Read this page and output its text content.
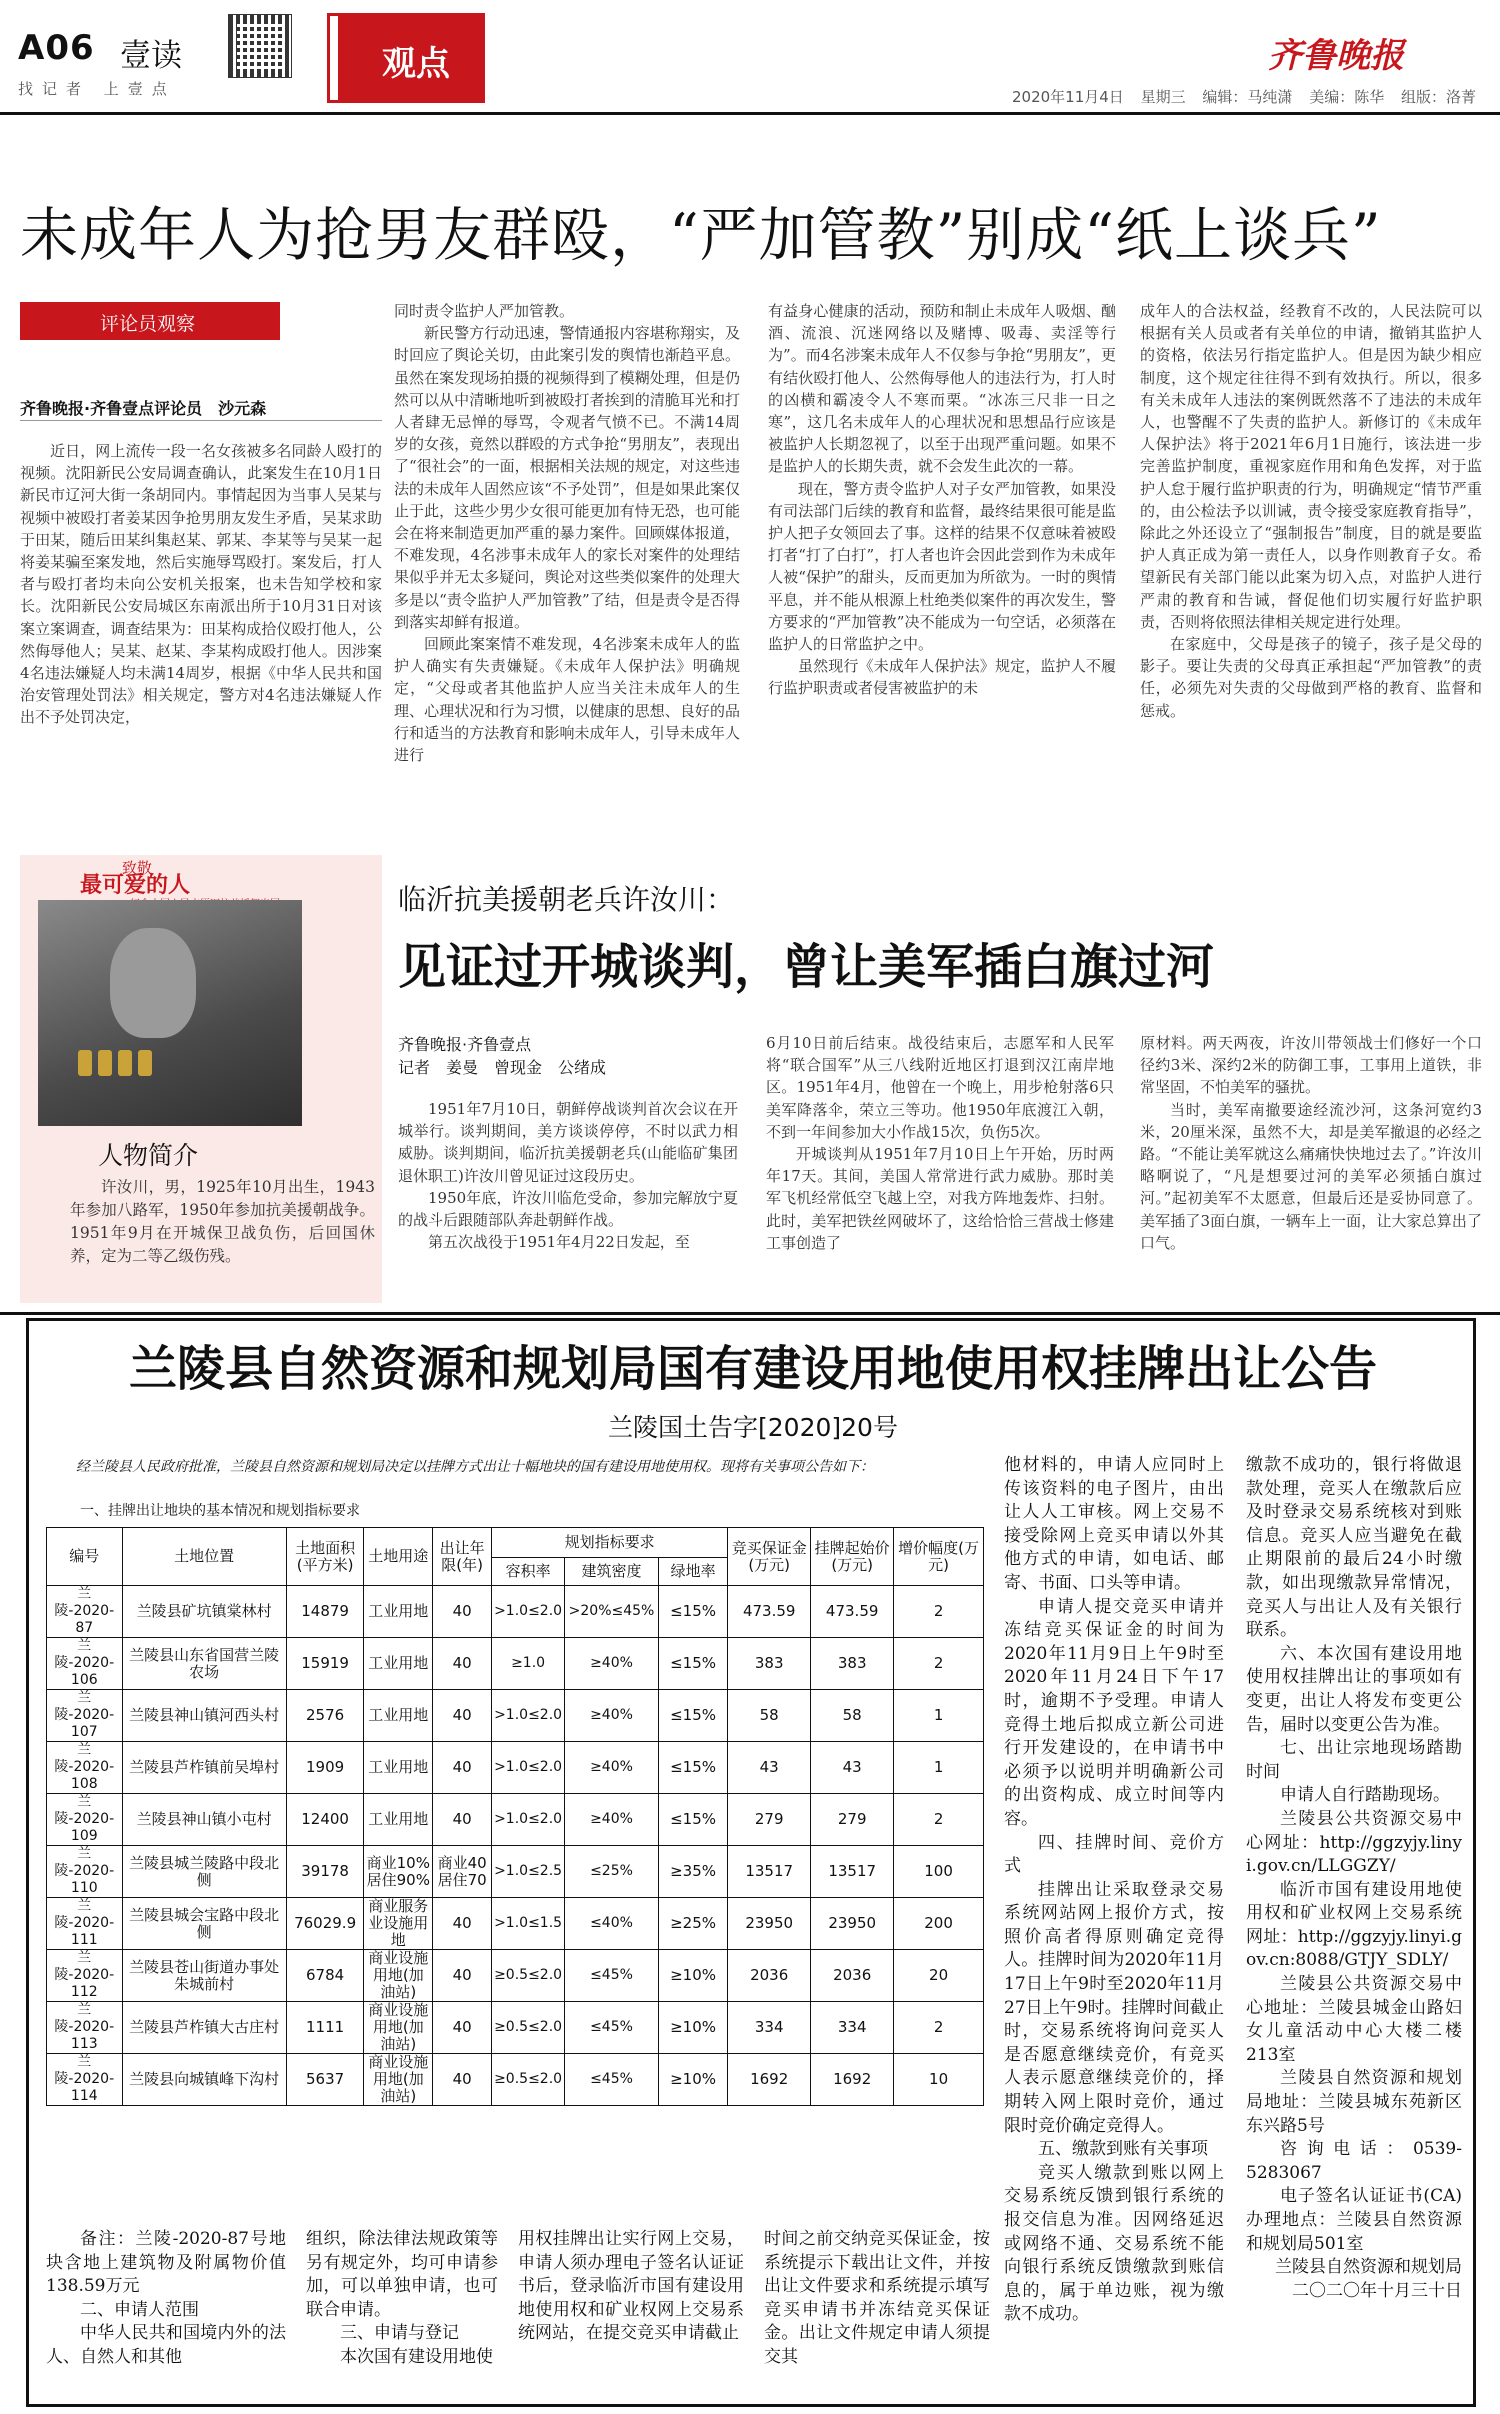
A06 壹读
找记者 上壹点
观点	齐鲁晚报
2020年11月4日 星期三 编辑：马纯潇 美编：陈华 组版：洛菁
未成年人为抢男友群殴，“严加管教”别成“纸上谈兵”
评论员观察
齐鲁晚报·齐鲁壹点评论员　沙元森

近日，网上流传一段一名女孩被多名同龄人殴打的视频。沈阳新民公安局调查确认，此案发生在10月1日新民市辽河大街一条胡同内。事情起因为当事人吴某与视频中被殴打者姜某因争抢男朋友发生矛盾，吴某求助于田某，随后田某纠集赵某、郭某、李某等与吴某一起将姜某骗至案发地，然后实施辱骂殴打。案发后，打人者与殴打者均未向公安机关报案，也未告知学校和家长。沈阳新民公安局城区东南派出所于10月31日对该案立案调查，调查结果为：田某构成拾仪殴打他人，公然侮辱他人；吴某、赵某、李某构成殴打他人。因涉案4名违法嫌疑人均未满14周岁，根据《中华人民共和国治安管理处罚法》相关规定，警方对4名违法嫌疑人作出不予处罚决定，

同时责令监护人严加管教。

新民警方行动迅速，警情通报内容堪称翔实，及时回应了舆论关切，由此案引发的舆情也渐趋平息。虽然在案发现场拍摄的视频得到了模糊处理，但是仍然可以从中清晰地听到被殴打者挨到的清脆耳光和打人者肆无忌惮的辱骂，令观者气愤不已。不满14周岁的女孩，竟然以群殴的方式争抢“男朋友”，表现出了“很社会”的一面，根据相关法规的规定，对这些违法的未成年人固然应该“不予处罚”，但是如果此案仅止于此，这些少男少女很可能更加有恃无恐，也可能会在将来制造更加严重的暴力案件。回顾媒体报道，不难发现，4名涉事未成年人的家长对案件的处理结果似乎并无太多疑问，舆论对这些类似案件的处理大多是以“责令监护人严加管教”了结，但是责令是否得到落实却鲜有报道。

回顾此案案情不难发现，4名涉案未成年人的监护人确实有失责嫌疑。《未成年人保护法》明确规定，“父母或者其他监护人应当关注未成年人的生理、心理状况和行为习惯，以健康的思想、良好的品行和适当的方法教育和影响未成年人，引导未成年人进行

有益身心健康的活动，预防和制止未成年人吸烟、酗酒、流浪、沉迷网络以及赌博、吸毒、卖淫等行为”。而4名涉案未成年人不仅参与争抢“男朋友”，更有结伙殴打他人、公然侮辱他人的违法行为，打人时的凶横和霸凌令人不寒而栗。“冰冻三尺非一日之寒”，这几名未成年人的心理状况和思想品行应该是被监护人长期忽视了，以至于出现严重问题。如果不是监护人的长期失责，就不会发生此次的一幕。

现在，警方责令监护人对子女严加管教，如果没有司法部门后续的教育和监督，最终结果很可能是监护人把子女领回去了事。这样的结果不仅意味着被殴打者“打了白打”，打人者也许会因此尝到作为未成年人被“保护”的甜头，反而更加为所欲为。一时的舆情平息，并不能从根源上杜绝类似案件的再次发生，警方要求的“严加管教”决不能成为一句空话，必须落在监护人的日常监护之中。

虽然现行《未成年人保护法》规定，监护人不履行监护职责或者侵害被监护的未

成年人的合法权益，经教育不改的，人民法院可以根据有关人员或者有关单位的申请，撤销其监护人的资格，依法另行指定监护人。但是因为缺少相应制度，这个规定往往得不到有效执行。所以，很多有关未成年人违法的案例既然落不了违法的未成年人，也警醒不了失责的监护人。新修订的《未成年人保护法》将于2021年6月1日施行，该法进一步完善监护制度，重视家庭作用和角色发挥，对于监护人怠于履行监护职责的行为，明确规定“情节严重的，由公检法予以训诫，责令接受家庭教育指导”，除此之外还设立了“强制报告”制度，目的就是要监护人真正成为第一责任人，以身作则教育子女。希望新民有关部门能以此案为切入点，对监护人进行严肃的教育和告诫，督促他们切实履行好监护职责，否则将依照法律相关规定进行处理。

在家庭中，父母是孩子的镜子，孩子是父母的影子。要让失责的父母真正承担起“严加管教”的责任，必须先对失责的父母做到严格的教育、监督和惩戒。

致敬
最可爱的人
人物简介
许汝川，男，1925年10月出生，1943年参加八路军，1950年参加抗美援朝战争。1951年9月在开城保卫战负伤，后回国休养，定为二等乙级伤残。
临沂抗美援朝老兵许汝川：
见证过开城谈判，曾让美军插白旗过河
齐鲁晚报·齐鲁壹点
记者　姜曼　曾现金　公绪成

1951年7月10日，朝鲜停战谈判首次会议在开城举行。谈判期间，美方谈谈停停，不时以武力相威胁。谈判期间，临沂抗美援朝老兵(山能临矿集团退休职工)许汝川曾见证过这段历史。

1950年底，许汝川临危受命，参加完解放宁夏的战斗后跟随部队奔赴朝鲜作战。

第五次战役于1951年4月22日发起，至

6月10日前后结束。战役结束后，志愿军和人民军将“联合国军”从三八线附近地区打退到汉江南岸地区。1951年4月，他曾在一个晚上，用步枪射落6只美军降落伞，荣立三等功。他1950年底渡江入朝，不到一年间参加大小作战15次，负伤5次。

开城谈判从1951年7月10日上午开始，历时两年17天。其间，美国人常常进行武力威胁。那时美军飞机经常低空飞越上空，对我方阵地轰炸、扫射。此时，美军把铁丝网破坏了，这给恰恰三营战士修建工事创造了

原材料。两天两夜，许汝川带领战士们修好一个口径约3米、深约2米的防御工事，工事用上道铁，非常坚固，不怕美军的骚扰。

当时，美军南撤要途经流沙河，这条河宽约3米，20厘米深，虽然不大，却是美军撤退的必经之路。“不能让美军就这么痛痛快快地过去了。”许汝川略啊说了，“凡是想要过河的美军必须插白旗过河。”起初美军不太愿意，但最后还是妥协同意了。美军插了3面白旗，一辆车上一面，让大家总算出了口气。

兰陵县自然资源和规划局国有建设用地使用权挂牌出让公告
兰陵国土告字[2020]20号
经兰陵县人民政府批准，兰陵县自然资源和规划局决定以挂牌方式出让十幅地块的国有建设用地使用权。现将有关事项公告如下：
一、挂牌出让地块的基本情况和规划指标要求
编号	土地位置	土地面积(平方米)	土地用途	出让年限(年)	规划指标要求			竞买保证金(万元)	挂牌起始价(万元)	增价幅度(万元)
					容积率	建筑密度	绿地率			
兰陵-2020-87	兰陵县矿坑镇棠林村	14879	工业用地	40	>1.0≤2.0	>20%≤45%	≤15%	473.59	473.59	2
兰陵-2020-106	兰陵县山东省国营兰陵农场	15919	工业用地	40	≥1.0	≥40%	≤15%	383	383	2
兰陵-2020-107	兰陵县神山镇河西头村	2576	工业用地	40	>1.0≤2.0	≥40%	≤15%	58	58	1
兰陵-2020-108	兰陵县芦柞镇前吴埠村	1909	工业用地	40	>1.0≤2.0	≥40%	≤15%	43	43	1
兰陵-2020-109	兰陵县神山镇小屯村	12400	工业用地	40	>1.0≤2.0	≥40%	≤15%	279	279	2
兰陵-2020-110	兰陵县城兰陵路中段北侧	39178	商业10%居住90%	商业40居住70	>1.0≤2.5	≤25%	≥35%	13517	13517	100
兰陵-2020-111	兰陵县城会宝路中段北侧	76029.9	商业服务业设施用地	40	>1.0≤1.5	≤40%	≥25%	23950	23950	200
兰陵-2020-112	兰陵县苍山街道办事处朱城前村	6784	商业设施用地(加油站)	40	≥0.5≤2.0	≤45%	≥10%	2036	2036	20
兰陵-2020-113	兰陵县芦柞镇大古庄村	1111	商业设施用地(加油站)	40	≥0.5≤2.0	≤45%	≥10%	334	334	2
兰陵-2020-114	兰陵县向城镇峰下沟村	5637	商业设施用地(加油站)	40	≥0.5≤2.0	≤45%	≥10%	1692	1692	10

备注：兰陵-2020-87号地块含地上建筑物及附属物价值138.59万元

二、申请人范围

中华人民共和国境内外的法人、自然人和其他

组织，除法律法规政策等另有规定外，均可申请参加，可以单独申请，也可联合申请。

三、申请与登记

本次国有建设用地使

用权挂牌出让实行网上交易，申请人须办理电子签名认证证书后，登录临沂市国有建设用地使用权和矿业权网上交易系统网站，在提交竞买申请截止

时间之前交纳竞买保证金，按系统提示下载出让文件，并按出让文件要求和系统提示填写竞买申请书并冻结竞买保证金。出让文件规定申请人须提交其

他材料的，申请人应同时上传该资料的电子图片，由出让人人工审核。网上交易不接受除网上竞买申请以外其他方式的申请，如电话、邮寄、书面、口头等申请。

申请人提交竞买申请并冻结竞买保证金的时间为2020年11月9日上午9时至2020年11月24日下午17时，逾期不予受理。申请人竞得土地后拟成立新公司进行开发建设的，在申请书中必须予以说明并明确新公司的出资构成、成立时间等内容。

四、挂牌时间、竞价方式

挂牌出让采取登录交易系统网站网上报价方式，按照价高者得原则确定竞得人。挂牌时间为2020年11月17日上午9时至2020年11月27日上午9时。挂牌时间截止时，交易系统将询问竞买人是否愿意继续竞价，有竞买人表示愿意继续竞价的，择期转入网上限时竞价，通过限时竞价确定竞得人。

五、缴款到账有关事项

竞买人缴款到账以网上交易系统反馈到银行系统的报交信息为准。因网络延迟或网络不通、交易系统不能向银行系统反馈缴款到账信息的，属于单边账，视为缴款不成功。

缴款不成功的，银行将做退款处理，竞买人在缴款后应及时登录交易系统核对到账信息。竞买人应当避免在截止期限前的最后24小时缴款，如出现缴款异常情况，竞买人与出让人及有关银行联系。

六、本次国有建设用地使用权挂牌出让的事项如有变更，出让人将发布变更公告，届时以变更公告为准。

七、出让宗地现场踏勘时间

申请人自行踏勘现场。

兰陵县公共资源交易中心网址：http://ggzyjy.linyi.gov.cn/LLGGZY/

临沂市国有建设用地使用权和矿业权网上交易系统网址：http://ggzyjy.linyi.gov.cn:8088/GTJY_SDLY/

兰陵县公共资源交易中心地址：兰陵县城金山路妇女儿童活动中心大楼二楼213室

兰陵县自然资源和规划局地址：兰陵县城东苑新区东兴路5号

咨询电话：0539-5283067

电子签名认证证书(CA)办理地点：兰陵县自然资源和规划局501室

兰陵县自然资源和规划局

二〇二〇年十月三十日
